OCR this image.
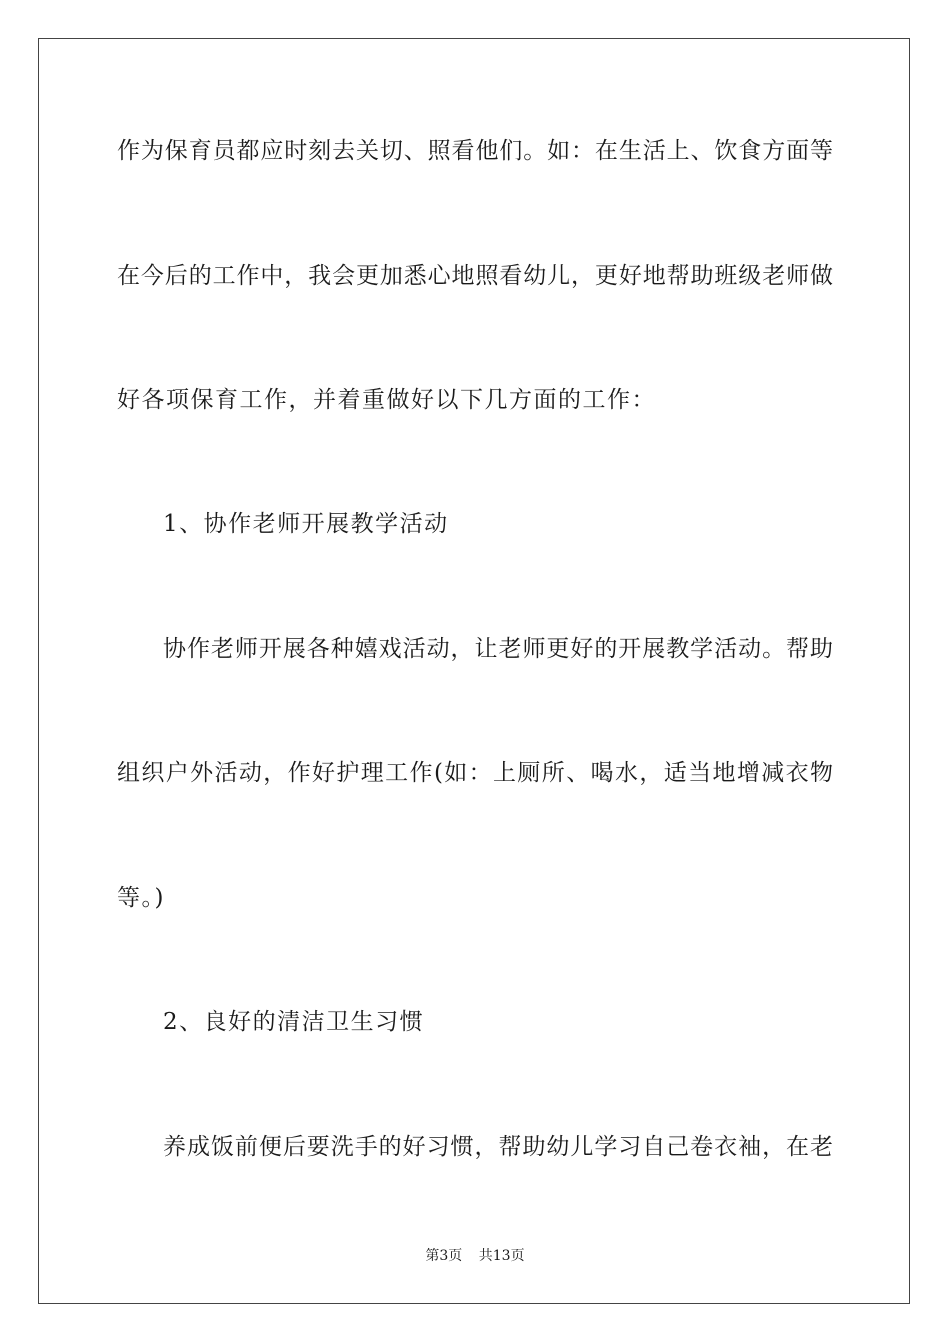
作为保育员都应时刻去关切、照看他们。如：在生活上、饮食方面等
在今后的工作中，我会更加悉心地照看幼儿，更好地帮助班级老师做
好各项保育工作，并着重做好以下几方面的工作：
1、协作老师开展教学活动
协作老师开展各种嬉戏活动，让老师更好的开展教学活动。帮助
组织户外活动，作好护理工作(如：上厕所、喝水，适当地增减衣物
等。)
2、良好的清洁卫生习惯
养成饭前便后要洗手的好习惯，帮助幼儿学习自己卷衣袖，在老
第3页 共13页
